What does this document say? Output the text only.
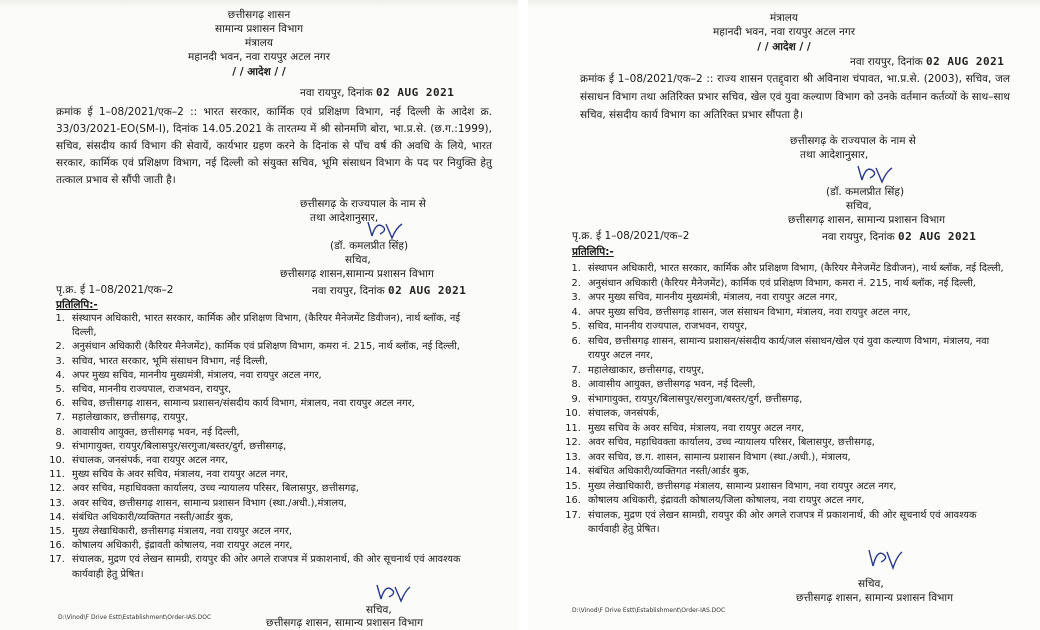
छत्तीसगढ़ शासन
सामान्य प्रशासन विभाग
मंत्रालय
महानदी भवन, नवा रायपुर अटल नगर
/ / आदेश / /
नवा रायपुर, दिनांक 02 AUG 2021
क्रमांक ई 1–08/2021/एक–2 :: भारत सरकार, कार्मिक एवं प्रशिक्षण विभाग, नई दिल्ली के आदेश क्र. 33/03/2021-EO(SM-I), दिनांक 14.05.2021 के तारतम्य में श्री सोनमणि बोरा, भा.प्र.से. (छ.ग.:1999), सचिव, संसदीय कार्य विभाग की सेवायें, कार्यभार ग्रहण करने के दिनांक से पाँच वर्ष की अवधि के लिये, भारत सरकार, कार्मिक एवं प्रशिक्षण विभाग, नई दिल्ली को संयुक्त सचिव, भूमि संसाधन विभाग के पद पर नियुक्ति हेतु तत्काल प्रभाव से सौंपी जाती है।
छत्तीसगढ़ के राज्यपाल के नाम से
तथा आदेशानुसार,
(डॉ. कमलप्रीत सिंह)
सचिव,
छत्तीसगढ़ शासन,सामान्य प्रशासन विभाग
पृ.क्र. ई 1–08/2021/एक–2	नवा रायपुर, दिनांक 02 AUG 2021
प्रतिलिपि:-
1. संस्थापन अधिकारी, भारत सरकार, कार्मिक और प्रशिक्षण विभाग, (कैरियर मैनेजमेंट डिवीजन), नार्थ ब्लॉक, नई दिल्ली,
2. अनुसंधान अधिकारी (कैरियर मैनेजमेंट), कार्मिक एवं प्रशिक्षण विभाग, कमरा नं. 215, नार्थ ब्लॉक, नई दिल्ली,
3. सचिव, भारत सरकार, भूमि संसाधन विभाग, नई दिल्ली,
4. अपर मुख्य सचिव, माननीय मुख्यमंत्री, मंत्रालय, नवा रायपुर अटल नगर,
5. सचिव, माननीय राज्यपाल, राजभवन, रायपुर,
6. सचिव, छत्तीसगढ़ शासन, सामान्य प्रशासन/संसदीय कार्य विभाग, मंत्रालय, नवा रायपुर अटल नगर,
7. महालेखाकार, छत्तीसगढ़, रायपुर,
8. आवासीय आयुक्त, छत्तीसगढ़ भवन, नई दिल्ली,
9. संभागायुक्त, रायपुर/बिलासपुर/सरगुजा/बस्तर/दुर्ग, छत्तीसगढ़,
10. संचालक, जनसंपर्क, नवा रायपुर अटल नगर,
11. मुख्य सचिव के अवर सचिव, मंत्रालय, नवा रायपुर अटल नगर,
12. अवर सचिव, महाधिवक्ता कार्यालय, उच्च न्यायालय परिसर, बिलासपुर, छत्तीसगढ़,
13. अवर सचिव, छत्तीसगढ़ शासन, सामान्य प्रशासन विभाग (स्था./अधी.),मंत्रालय,
14. संबंधित अधिकारी/व्यक्तिगत नस्ती/आर्डर बुक,
15. मुख्य लेखाधिकारी, छत्तीसगढ़ मंत्रालय, नवा रायपुर अटल नगर,
16. कोषालय अधिकारी, इंद्रावती कोषालय, नवा रायपुर अटल नगर,
17. संचालक, मुद्रण एवं लेखन सामग्री, रायपुर की ओर अगले राजपत्र में प्रकाशनार्थ, की ओर सूचनार्थ एवं आवश्यक कार्यवाही हेतु प्रेषित।
सचिव,
छत्तीसगढ़ शासन, सामान्य प्रशासन विभाग
D:\Vinod\F Drive Estt\Establishment\Order-IAS.DOC
मंत्रालय
महानदी भवन, नवा रायपुर अटल नगर
/ / आदेश / /
नवा रायपुर, दिनांक 02 AUG 2021
क्रमांक ई 1–08/2021/एक–2 :: राज्य शासन एतद्द्वारा श्री अविनाश चंपावत, भा.प्र.से. (2003), सचिव, जल संसाधन विभाग तथा अतिरिक्त प्रभार सचिव, खेल एवं युवा कल्याण विभाग को उनके वर्तमान कर्तव्यों के साथ–साथ सचिव, संसदीय कार्य विभाग का अतिरिक्त प्रभार सौंपता है।
छत्तीसगढ़ के राज्यपाल के नाम से
तथा आदेशानुसार,
(डॉ. कमलप्रीत सिंह)
सचिव,
छत्तीसगढ़ शासन, सामान्य प्रशासन विभाग
पृ.क्र. ई 1–08/2021/एक–2	नवा रायपुर, दिनांक 02 AUG 2021
प्रतिलिपि:-
1. संस्थापन अधिकारी, भारत सरकार, कार्मिक और प्रशिक्षण विभाग, (कैरियर मैनेजमेंट डिवीजन), नार्थ ब्लॉक, नई दिल्ली,
2. अनुसंधान अधिकारी (कैरियर मैनेजमेंट), कार्मिक एवं प्रशिक्षण विभाग, कमरा नं. 215, नार्थ ब्लॉक, नई दिल्ली,
3. अपर मुख्य सचिव, माननीय मुख्यमंत्री, मंत्रालय, नवा रायपुर अटल नगर,
4. अपर मुख्य सचिव, छत्तीसगढ़ शासन, जल संसाधन विभाग, मंत्रालय, नवा रायपुर अटल नगर,
5. सचिव, माननीय राज्यपाल, राजभवन, रायपुर,
6. सचिव, छत्तीसगढ़ शासन, सामान्य प्रशासन/संसदीय कार्य/जल संसाधन/खेल एवं युवा कल्याण विभाग, मंत्रालय, नवा रायपुर अटल नगर,
7. महालेखाकार, छत्तीसगढ़, रायपुर,
8. आवासीय आयुक्त, छत्तीसगढ़ भवन, नई दिल्ली,
9. संभागायुक्त, रायपुर/बिलासपुर/सरगुजा/बस्तर/दुर्ग, छत्तीसगढ़,
10. संचालक, जनसंपर्क,
11. मुख्य सचिव के अवर सचिव, मंत्रालय, नवा रायपुर अटल नगर,
12. अवर सचिव, महाधिवक्ता कार्यालय, उच्च न्यायालय परिसर, बिलासपुर, छत्तीसगढ़,
13. अवर सचिव, छ.ग. शासन, सामान्य प्रशासन विभाग (स्था./अधी.), मंत्रालय,
14. संबंधित अधिकारी/व्यक्तिगत नस्ती/आर्डर बुक,
15. मुख्य लेखाधिकारी, छत्तीसगढ़ मंत्रालय, सामान्य प्रशासन विभाग, नवा रायपुर अटल नगर,
16. कोषालय अधिकारी, इंद्रावती कोषालय/जिला कोषालय, नवा रायपुर अटल नगर,
17. संचालक, मुद्रण एवं लेखन सामग्री, रायपुर की ओर अगले राजपत्र में प्रकाशनार्थ, की ओर सूचनार्थ एवं आवश्यक कार्यवाही हेतु प्रेषित।
सचिव,
छत्तीसगढ़ शासन, सामान्य प्रशासन विभाग
D:\Vinod\F Drive Estt\Establishment\Order-IAS.DOC
